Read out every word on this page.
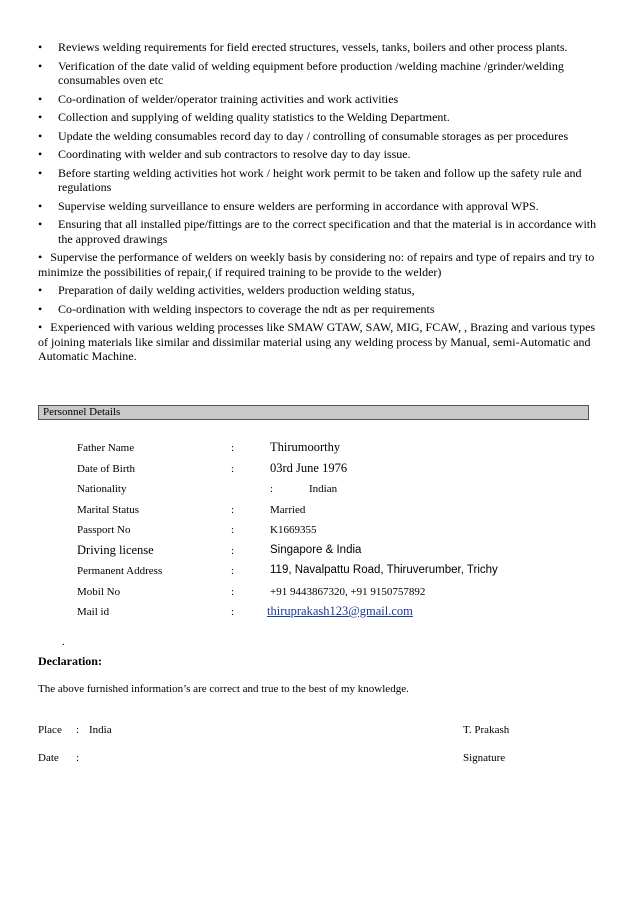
• Reviews welding requirements for field erected structures, vessels, tanks, boilers and other process plants.
• Verification of the date valid of welding equipment before production /welding machine /grinder/welding consumables oven etc
• Co-ordination of welder/operator training activities and work activities
• Collection and supplying of welding quality statistics to the Welding Department.
• Update the welding consumables record day to day / controlling of consumable storages as per procedures
• Coordinating with welder and sub contractors to resolve day to day issue.
• Before starting welding activities hot work / height work permit to be taken and follow up the safety rule and regulations
• Supervise welding surveillance to ensure welders are performing in accordance with approval WPS.
• Ensuring that all installed pipe/fittings are to the correct specification and that the material is in accordance with the approved drawings
• Supervise the performance of welders on weekly basis by considering no: of repairs and type of repairs and try to minimize the possibilities of repair,( if required training to be provide to the welder)
• Preparation of daily welding activities, welders production welding status,
• Co-ordination with welding inspectors to coverage the ndt as per requirements
• Experienced with various welding processes like SMAW GTAW, SAW, MIG, FCAW, , Brazing and various types of joining materials like similar and dissimilar material using any welding process by Manual, semi-Automatic and Automatic Machine.
Personnel Details
Father Name	:	Thirumoorthy
Date of Birth	:	03rd June 1976
Nationality	:	Indian
Marital Status	:	Married
Passport No	:	K1669355
Driving license	:	Singapore & India
Permanent Address	:	119, Navalpattu Road, Thiruverumber, Trichy
Mobil No	:	+91 9443867320, +91 9150757892
Mail id	:	thiruprakash123@gmail.com
.
Declaration:
The above furnished information’s are correct and true to the best of my knowledge.
Place : India	T. Prakash
Date :	Signature
